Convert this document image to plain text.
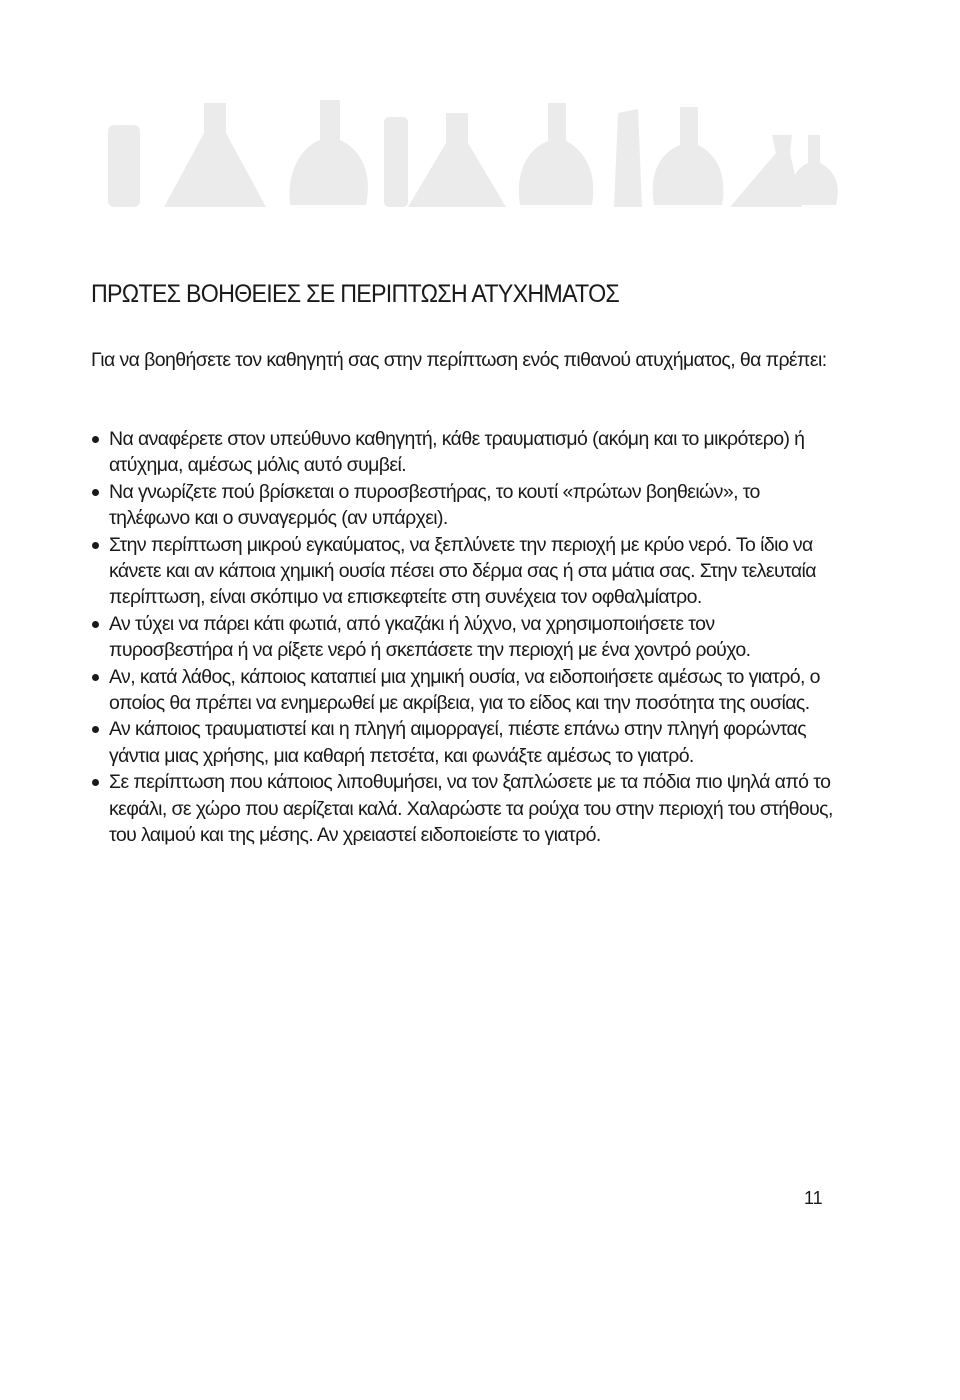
ΠΡΩΤΕΣ ΒΟΗΘΕΙΕΣ ΣΕ ΠΕΡΙΠΤΩΣΗ ΑΤΥΧΗΜΑΤΟΣ

Για να βοηθήσετε τον καθηγητή σας στην περίπτωση ενός πιθανού ατυχήματος, θα πρέπει:

Να αναφέρετε στον υπεύθυνο καθηγητή, κάθε τραυματισμό (ακόμη και το μικρότερο) ή ατύχημα, αμέσως μόλις αυτό συμβεί.
Να γνωρίζετε πού βρίσκεται ο πυροσβεστήρας, το κουτί «πρώτων βοηθειών», το τηλέφωνο και ο συναγερμός (αν υπάρχει).
Στην περίπτωση μικρού εγκαύματος, να ξεπλύνετε την περιοχή με κρύο νερό. Το ίδιο να κάνετε και αν κάποια χημική ουσία πέσει στο δέρμα σας ή στα μάτια σας. Στην τελευταία περίπτωση, είναι σκόπιμο να επισκεφτείτε στη συνέχεια τον οφθαλμίατρο.
Αν τύχει να πάρει κάτι φωτιά, από γκαζάκι ή λύχνο, να χρησιμοποιήσετε τον πυροσβεστήρα ή να ρίξετε νερό ή σκεπάσετε την περιοχή με ένα χοντρό ρούχο.
Αν, κατά λάθος, κάποιος καταπιεί μια χημική ουσία, να ειδοποιήσετε αμέσως το γιατρό, ο οποίος θα πρέπει να ενημερωθεί με ακρίβεια, για το είδος και την ποσότητα της ουσίας.
Αν κάποιος τραυματιστεί και η πληγή αιμορραγεί, πιέστε επάνω στην πληγή φορώντας γάντια μιας χρήσης, μια καθαρή πετσέτα, και φωνάξτε αμέσως το γιατρό.
Σε περίπτωση που κάποιος λιποθυμήσει, να τον ξαπλώσετε με τα πόδια πιο ψηλά από το κεφάλι, σε χώρο που αερίζεται καλά. Χαλαρώστε τα ρούχα του στην περιοχή του στήθους, του λαιμού και της μέσης. Αν χρειαστεί ειδοποιείστε το γιατρό.
11
